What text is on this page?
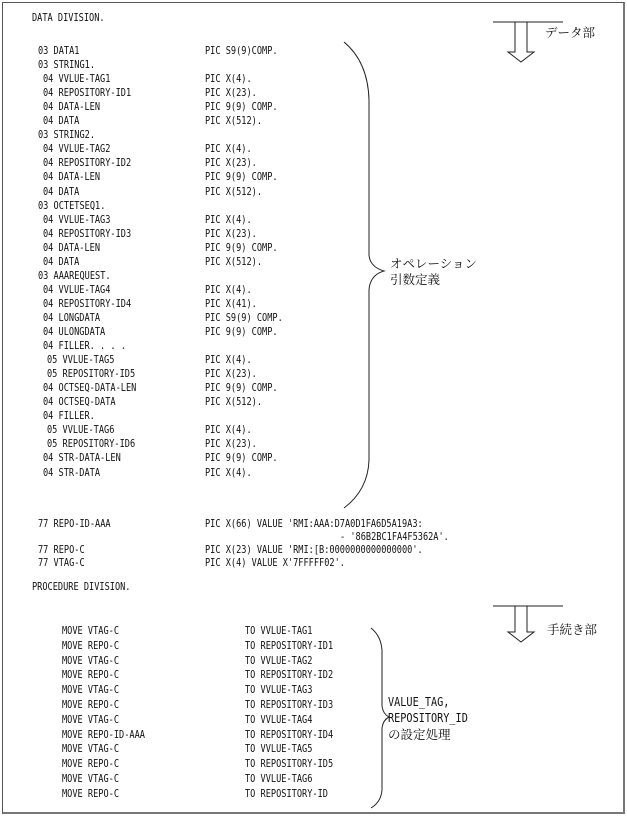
DATA DIVISION.
03 DATA1	PIC S9(9)COMP.
03 STRING1.
04 VVLUE-TAG1	PIC X(4).
04 REPOSITORY-ID1	PIC X(23).
04 DATA-LEN	PIC 9(9) COMP.
04 DATA	PIC X(512).
03 STRING2.
04 VVLUE-TAG2	PIC X(4).
04 REPOSITORY-ID2	PIC X(23).
04 DATA-LEN	PIC 9(9) COMP.
04 DATA	PIC X(512).
03 OCTETSEQ1.
04 VVLUE-TAG3	PIC X(4).
04 REPOSITORY-ID3	PIC X(23).
04 DATA-LEN	PIC 9(9) COMP.
04 DATA	PIC X(512).
03 AAAREQUEST.
04 VVLUE-TAG4	PIC X(4).
04 REPOSITORY-ID4	PIC X(41).
04 LONGDATA	PIC S9(9) COMP.
04 ULONGDATA	PIC 9(9) COMP.
04 FILLER. . . .
05 VVLUE-TAG5	PIC X(4).
05 REPOSITORY-ID5	PIC X(23).
04 OCTSEQ-DATA-LEN	PIC 9(9) COMP.
04 OCTSEQ-DATA	PIC X(512).
04 FILLER.
05 VVLUE-TAG6	PIC X(4).
05 REPOSITORY-ID6	PIC X(23).
04 STR-DATA-LEN	PIC 9(9) COMP.
04 STR-DATA	PIC X(4).
77 REPO-ID-AAA	PIC X(66) VALUE 'RMI:AAA:D7A0D1FA6D5A19A3:
- '86B2BC1FA4F5362A'.
77 REPO-C	PIC X(23) VALUE 'RMI:[B:0000000000000000'.
77 VTAG-C	PIC X(4) VALUE X'7FFFFF02'.
PROCEDURE DIVISION.
MOVE VTAG-C	TO VVLUE-TAG1
MOVE REPO-C	TO REPOSITORY-ID1
MOVE VTAG-C	TO VVLUE-TAG2
MOVE REPO-C	TO REPOSITORY-ID2
MOVE VTAG-C	TO VVLUE-TAG3
MOVE REPO-C	TO REPOSITORY-ID3
MOVE VTAG-C	TO VVLUE-TAG4
MOVE REPO-ID-AAA	TO REPOSITORY-ID4
MOVE VTAG-C	TO VVLUE-TAG5
MOVE REPO-C	TO REPOSITORY-ID5
MOVE VTAG-C	TO VVLUE-TAG6
MOVE REPO-C	TO REPOSITORY-ID
データ部
手続き部
オペレーション
引数定義
VALUE_TAG,
REPOSITORY_ID
の設定処理
